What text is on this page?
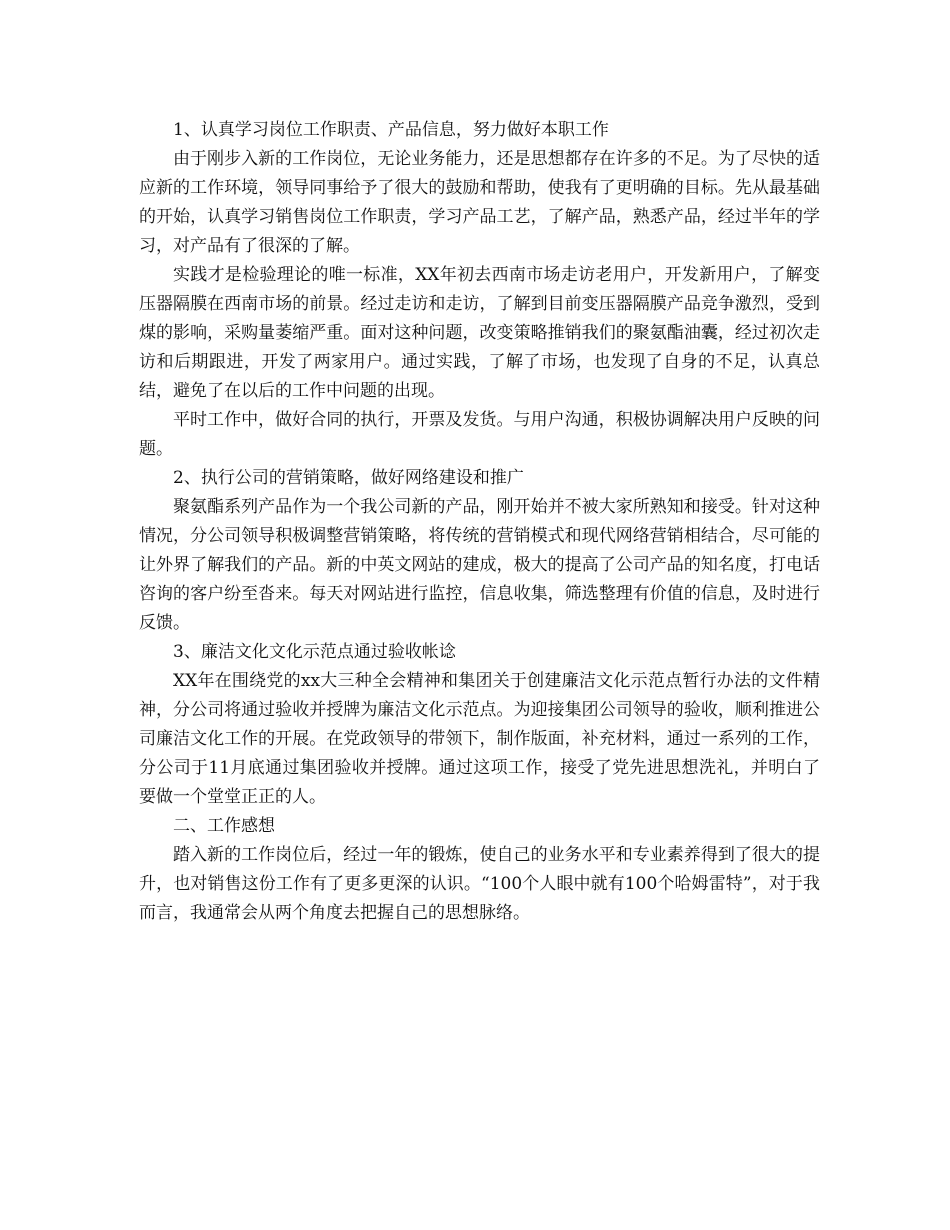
1、认真学习岗位工作职责、产品信息，努力做好本职工作

由于刚步入新的工作岗位，无论业务能力，还是思想都存在许多的不足。为了尽快的适应新的工作环境，领导同事给予了很大的鼓励和帮助，使我有了更明确的目标。先从最基础的开始，认真学习销售岗位工作职责，学习产品工艺，了解产品，熟悉产品，经过半年的学习，对产品有了很深的了解。

实践才是检验理论的唯一标准，XX年初去西南市场走访老用户，开发新用户，了解变压器隔膜在西南市场的前景。经过走访和走访，了解到目前变压器隔膜产品竞争激烈，受到煤的影响，采购量萎缩严重。面对这种问题，改变策略推销我们的聚氨酯油囊，经过初次走访和后期跟进，开发了两家用户。通过实践，了解了市场，也发现了自身的不足，认真总结，避免了在以后的工作中问题的出现。

平时工作中，做好合同的执行，开票及发货。与用户沟通，积极协调解决用户反映的问题。

2、执行公司的营销策略，做好网络建设和推广

聚氨酯系列产品作为一个我公司新的产品，刚开始并不被大家所熟知和接受。针对这种情况，分公司领导积极调整营销策略，将传统的营销模式和现代网络营销相结合，尽可能的让外界了解我们的产品。新的中英文网站的建成，极大的提高了公司产品的知名度，打电话咨询的客户纷至沓来。每天对网站进行监控，信息收集，筛选整理有价值的信息，及时进行反馈。

3、廉洁文化文化示范点通过验收帐谂

XX年在围绕党的xx大三种全会精神和集团关于创建廉洁文化示范点暂行办法的文件精神，分公司将通过验收并授牌为廉洁文化示范点。为迎接集团公司领导的验收，顺利推进公司廉洁文化工作的开展。在党政领导的带领下，制作版面，补充材料，通过一系列的工作，分公司于11月底通过集团验收并授牌。通过这项工作，接受了党先进思想洗礼，并明白了要做一个堂堂正正的人。

二、工作感想

踏入新的工作岗位后，经过一年的锻炼，使自己的业务水平和专业素养得到了很大的提升，也对销售这份工作有了更多更深的认识。“100个人眼中就有100个哈姆雷特”，对于我而言，我通常会从两个角度去把握自己的思想脉络。
